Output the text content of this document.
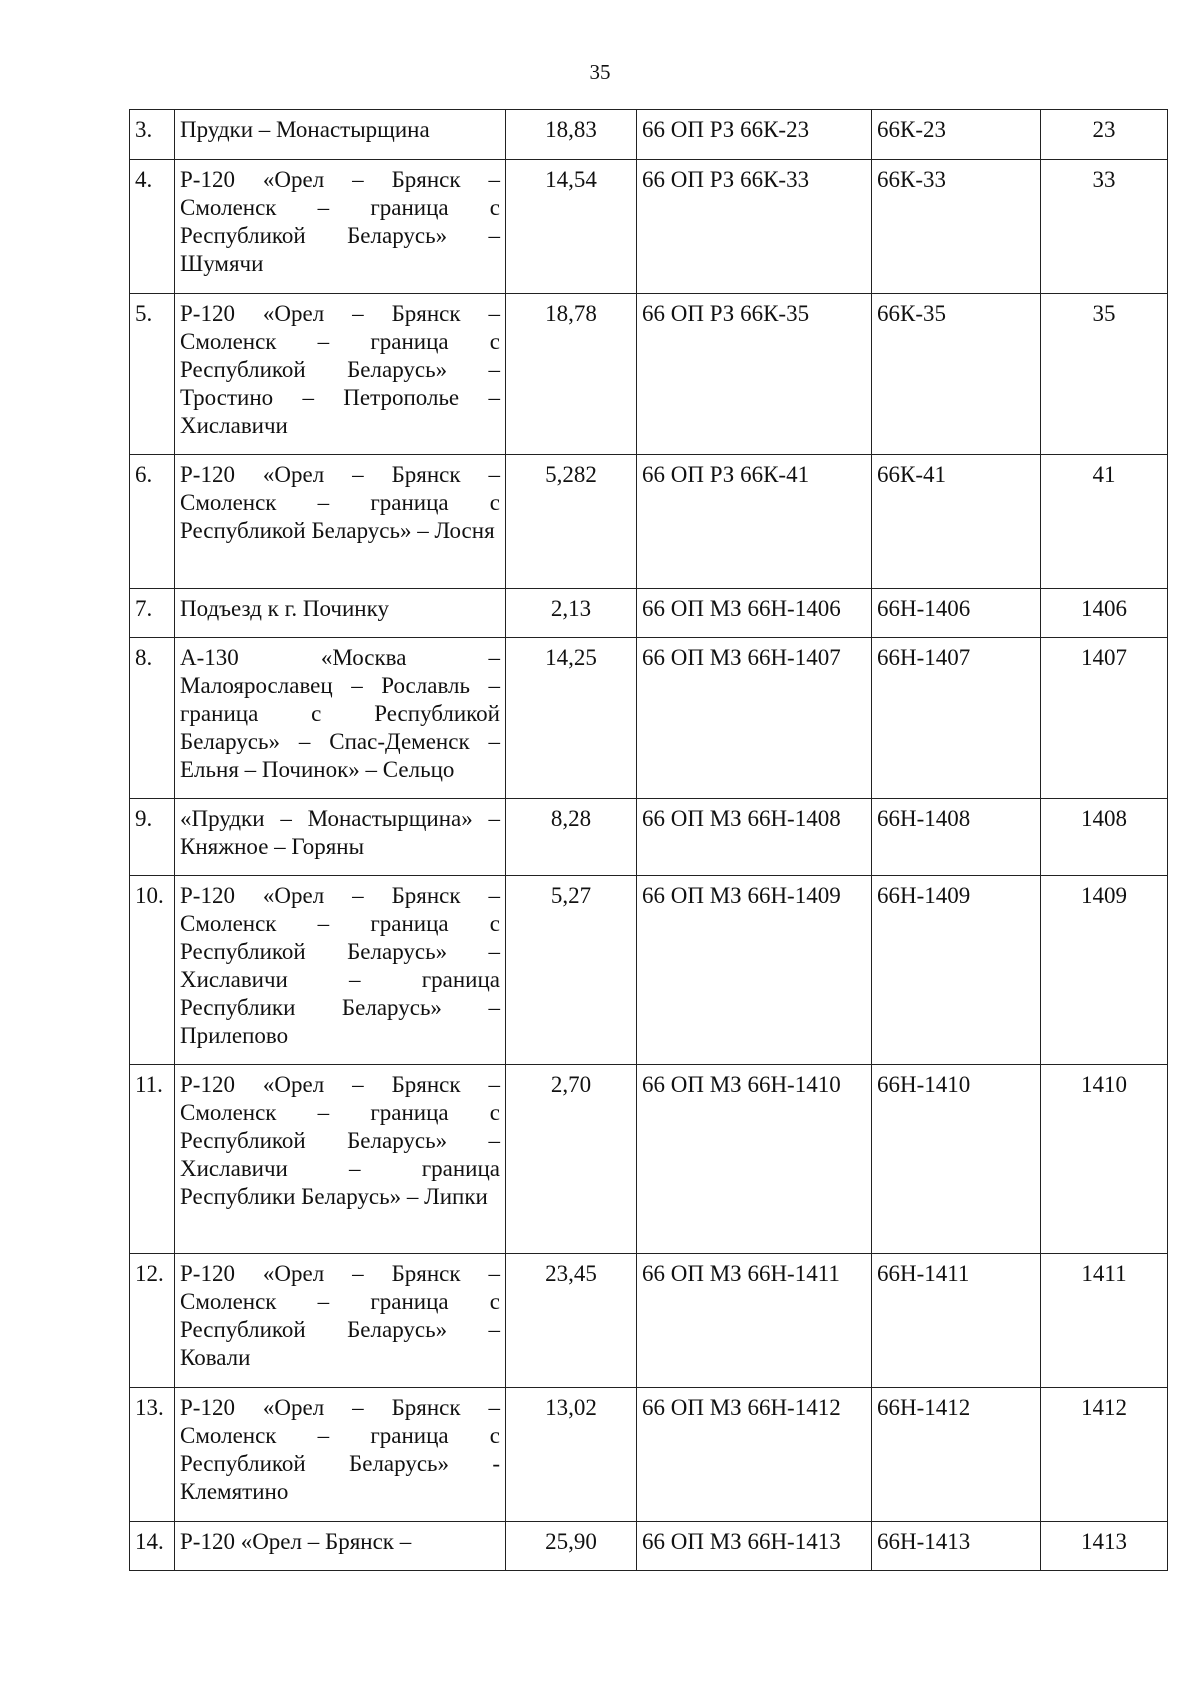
35
3.	Прудки – Монастырщина	18,83	66 ОП РЗ 66К-23	66К-23	23
4.	Р-120 «Орел – Брянск – Смоленск – граница с Республикой Беларусь» – Шумячи	14,54	66 ОП РЗ 66К-33	66К-33	33
5.	Р-120 «Орел – Брянск – Смоленск – граница с Республикой Беларусь» – Тростино – Петрополье – Хиславичи	18,78	66 ОП РЗ 66К-35	66К-35	35
6.	Р-120 «Орел – Брянск – Смоленск – граница с Республикой Беларусь» – Лосня	5,282	66 ОП РЗ 66К-41	66К-41	41
7.	Подъезд к г. Починку	2,13	66 ОП МЗ 66Н-1406	66Н-1406	1406
8.	А-130 «Москва – Малоярославец – Рославль – граница с Республикой Беларусь» – Спас-Деменск – Ельня – Починок» – Сельцо	14,25	66 ОП МЗ 66Н-1407	66Н-1407	1407
9.	«Прудки – Монастырщина» – Княжное – Горяны	8,28	66 ОП МЗ 66Н-1408	66Н-1408	1408
10.	Р-120 «Орел – Брянск – Смоленск – граница с Республикой Беларусь» – Хиславичи – граница Республики Беларусь» – Прилепово	5,27	66 ОП МЗ 66Н-1409	66Н-1409	1409
11.	Р-120 «Орел – Брянск – Смоленск – граница с Республикой Беларусь» – Хиславичи – граница Республики Беларусь» – Липки	2,70	66 ОП МЗ 66Н-1410	66Н-1410	1410
12.	Р-120 «Орел – Брянск – Смоленск – граница с Республикой Беларусь» – Ковали	23,45	66 ОП МЗ 66Н-1411	66Н-1411	1411
13.	Р-120 «Орел – Брянск – Смоленск – граница с Республикой Беларусь» - Клемятино	13,02	66 ОП МЗ 66Н-1412	66Н-1412	1412
14.	Р-120 «Орел – Брянск –	25,90	66 ОП МЗ 66Н-1413	66Н-1413	1413
